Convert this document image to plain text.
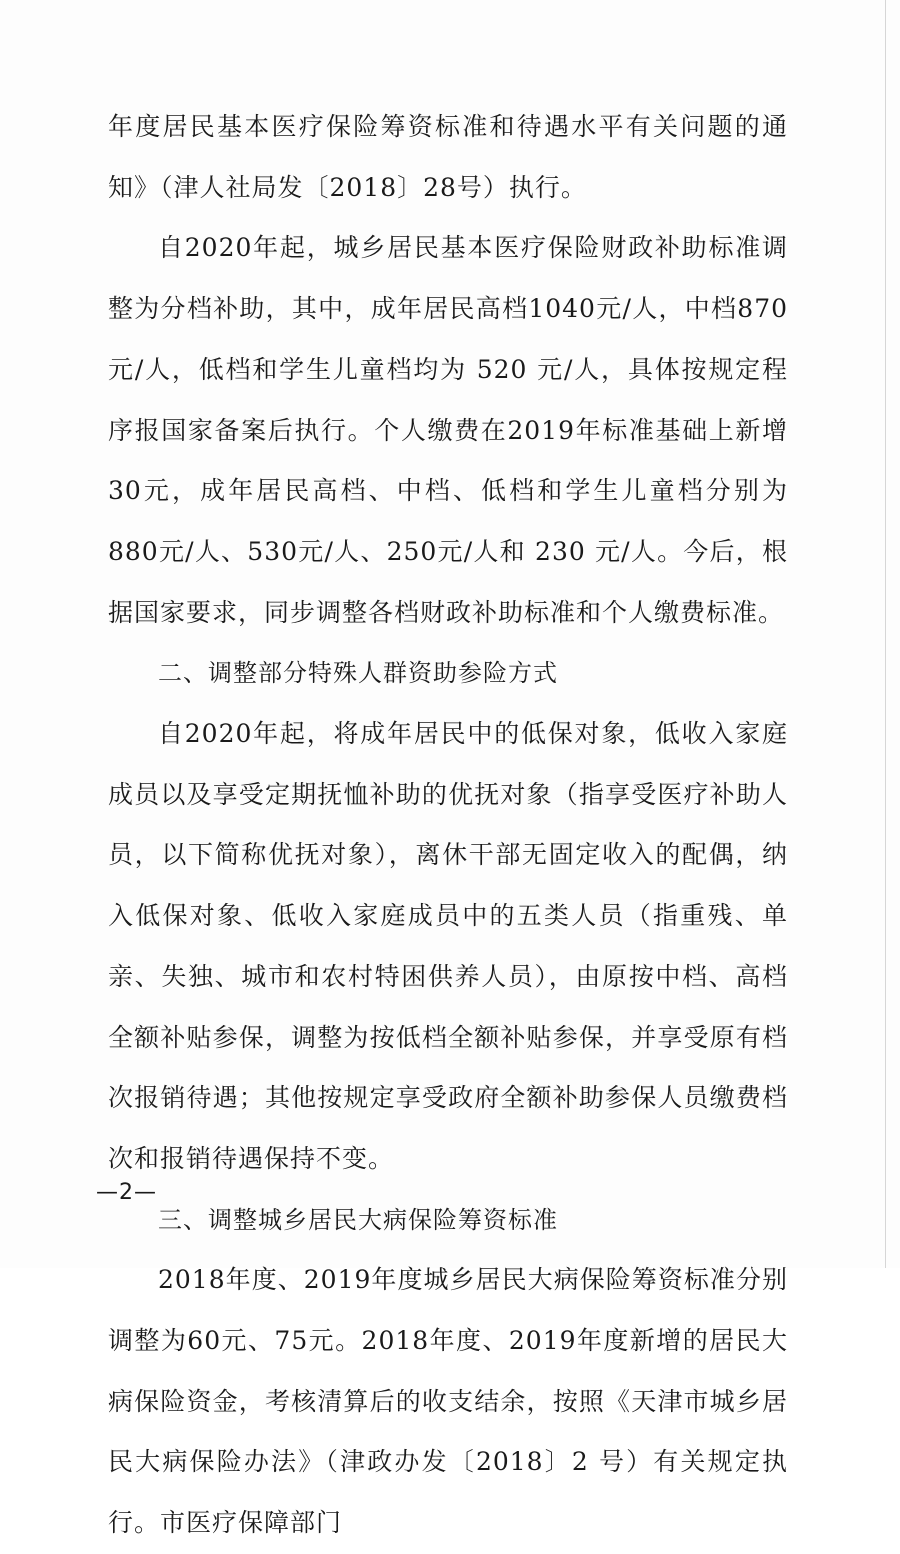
年度居民基本医疗保险筹资标准和待遇水平有关问题的通知》（津人社局发〔2018〕28号）执行。

自2020年起，城乡居民基本医疗保险财政补助标准调整为分档补助，其中，成年居民高档1040元/人，中档870元/人，低档和学生儿童档均为 520 元/人，具体按规定程序报国家备案后执行。个人缴费在2019年标准基础上新增30元，成年居民高档、中档、低档和学生儿童档分别为880元/人、530元/人、250元/人和 230 元/人。今后，根据国家要求，同步调整各档财政补助标准和个人缴费标准。

二、调整部分特殊人群资助参险方式

自2020年起，将成年居民中的低保对象，低收入家庭成员以及享受定期抚恤补助的优抚对象（指享受医疗补助人员，以下简称优抚对象），离休干部无固定收入的配偶，纳入低保对象、低收入家庭成员中的五类人员（指重残、单亲、失独、城市和农村特困供养人员），由原按中档、高档全额补贴参保，调整为按低档全额补贴参保，并享受原有档次报销待遇；其他按规定享受政府全额补助参保人员缴费档次和报销待遇保持不变。

三、调整城乡居民大病保险筹资标准

2018年度、2019年度城乡居民大病保险筹资标准分别调整为60元、75元。2018年度、2019年度新增的居民大病保险资金，考核清算后的收支结余，按照《天津市城乡居民大病保险办法》（津政办发〔2018〕2 号）有关规定执行。市医疗保障部门

—2—
